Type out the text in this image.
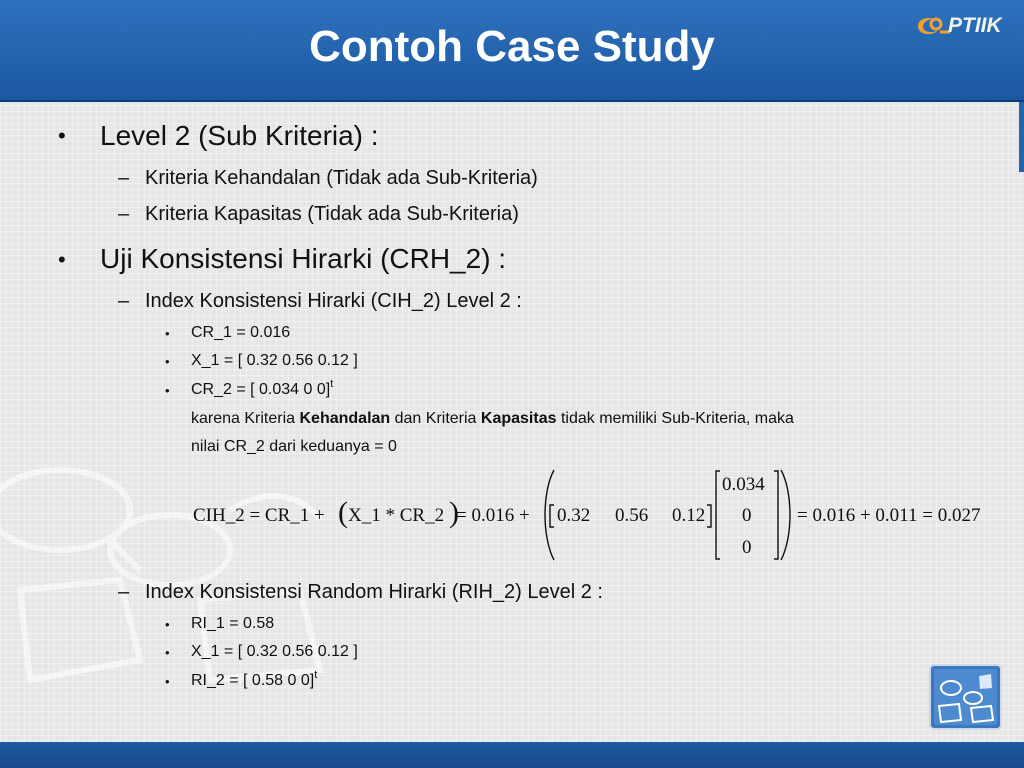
Contoh Case Study	PTIIK
• Level 2 (Sub Kriteria) :
– Kriteria Kehandalan (Tidak ada Sub-Kriteria)
– Kriteria Kapasitas (Tidak ada Sub-Kriteria)
• Uji Konsistensi Hirarki (CRH_2) :
– Index Konsistensi Hirarki (CIH_2) Level 2 :
• CR_1 = 0.016
• X_1 = [ 0.32 0.56 0.12 ]
• CR_2 = [ 0.034 0 0]$^t$
karena Kriteria Kehandalan dan Kriteria Kapasitas tidak memiliki Sub-Kriteria, maka
nilai CR_2 dari keduanya = 0
CIH_2 = CR_1 + ( X_1 * CR_2 )
= 0.016 + 0.32 0.56 0.12
0.034
0
0
= 0.016 + 0.011 = 0.027
– Index Konsistensi Random Hirarki (RIH_2) Level 2 :
• RI_1 = 0.58
• X_1 = [ 0.32 0.56 0.12 ]
• RI_2 = [ 0.58 0 0]$^t$
